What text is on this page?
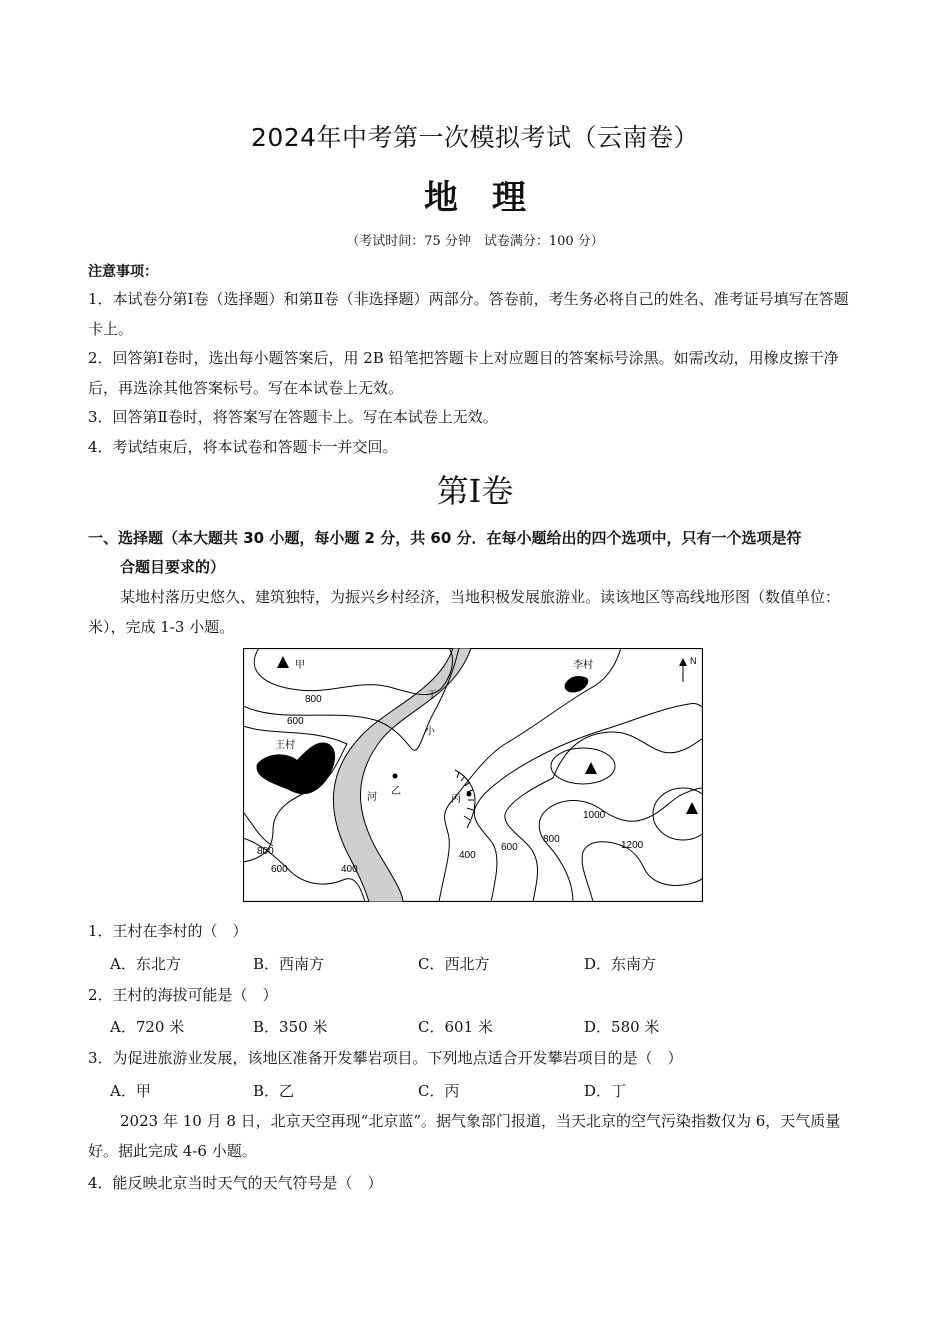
2024年中考第一次模拟考试（云南卷）
地　理
（考试时间：75 分钟　试卷满分：100 分）
注意事项：
1．本试卷分第Ⅰ卷（选择题）和第Ⅱ卷（非选择题）两部分。答卷前，考生务必将自己的姓名、准考证号填写在答题卡上。
2．回答第Ⅰ卷时，选出每小题答案后，用 2B 铅笔把答题卡上对应题目的答案标号涂黑。如需改动，用橡皮擦干净后，再选涂其他答案标号。写在本试卷上无效。
3．回答第Ⅱ卷时，将答案写在答题卡上。写在本试卷上无效。
4．考试结束后，将本试卷和答题卡一并交回。
第Ⅰ卷
一、选择题（本大题共 30 小题，每小题 2 分，共 60 分．在每小题给出的四个选项中，只有一个选项是符
合题目要求的）
某地村落历史悠久、建筑独特，为振兴乡村经济，当地积极发展旅游业。读该地区等高线地形图（数值单位：米），完成 1-3 小题。
甲
乙
丙
丁
王村
李村	N
小
河
800
600
800
600	400
400
600
800
1000
1200
1．王村在李村的（　）
A．东北方	B．西南方	C．西北方	D．东南方
2．王村的海拔可能是（　）
A．720 米	B．350 米	C．601 米	D．580 米
3．为促进旅游业发展，该地区准备开发攀岩项目。下列地点适合开发攀岩项目的是（　）
A．甲	B．乙	C．丙	D．丁
2023 年 10 月 8 日，北京天空再现“北京蓝”。据气象部门报道，当天北京的空气污染指数仅为 6，天气质量好。据此完成 4-6 小题。
4．能反映北京当时天气的天气符号是（　）
